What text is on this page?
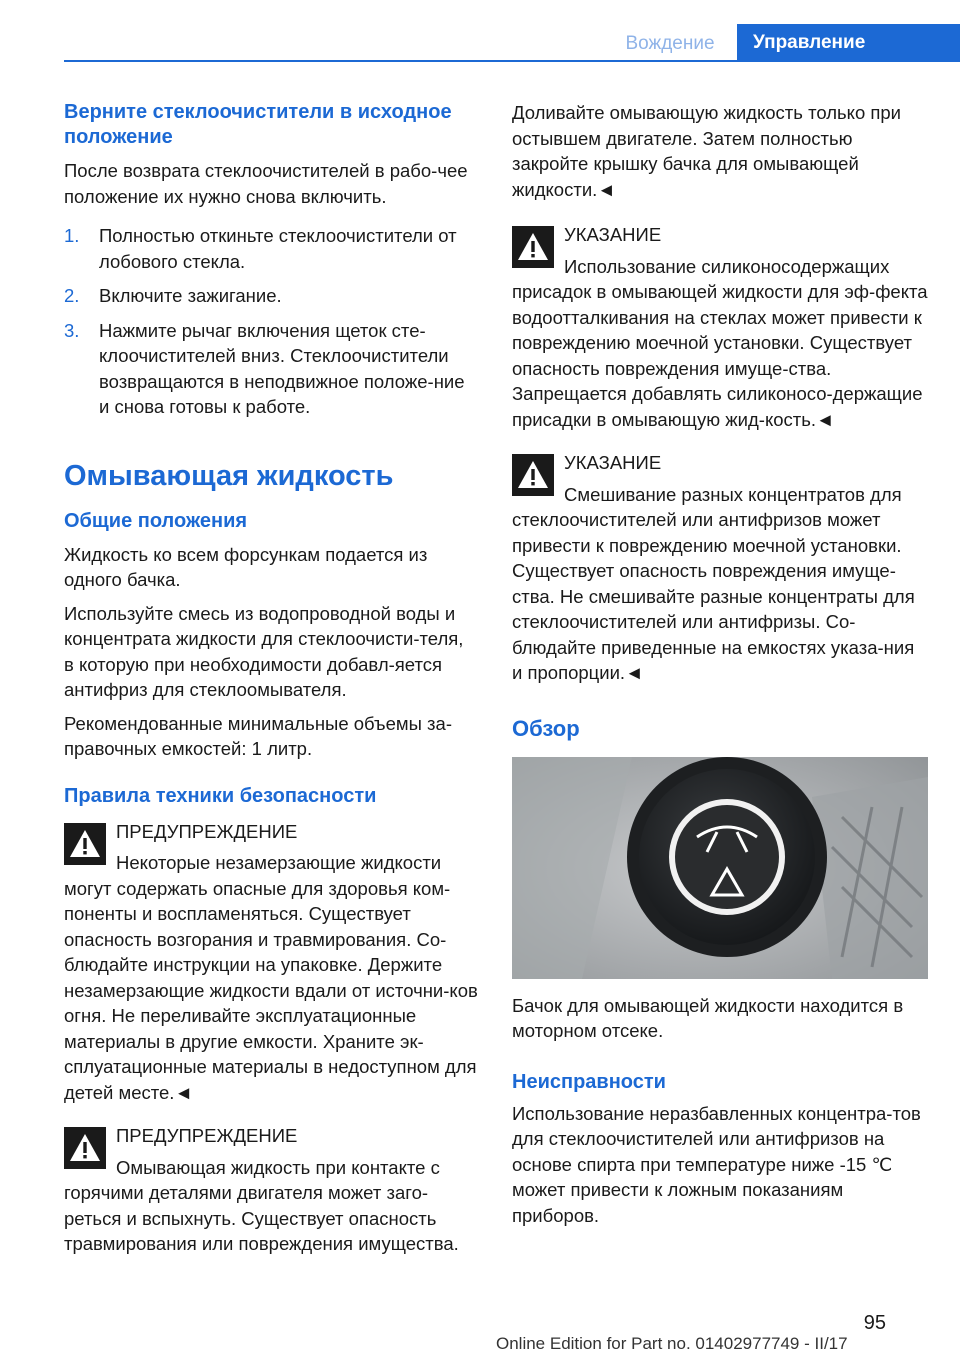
Вождение	Управление
Верните стеклоочистители в исходное положение
После возврата стеклоочистителей в рабо-чее положение их нужно снова включить.
1. Полностью откиньте стеклоочистители от лобового стекла.
2. Включите зажигание.
3. Нажмите рычаг включения щеток сте-клоочистителей вниз. Стеклоочистители возвращаются в неподвижное положе-ние и снова готовы к работе.
Омывающая жидкость
Общие положения
Жидкость ко всем форсункам подается из одного бачка.
Используйте смесь из водопроводной воды и концентрата жидкости для стеклоочисти-теля, в которую при необходимости добавл-яется антифриз для стеклоомывателя.
Рекомендованные минимальные объемы за-правочных емкостей: 1 литр.
Правила техники безопасности
ПРЕДУПРЕЖДЕНИЕ
Некоторые незамерзающие жидкости
могут содержать опасные для здоровья ком-поненты и воспламеняться. Существует опасность возгорания и травмирования. Со-блюдайте инструкции на упаковке. Держите незамерзающие жидкости вдали от источни-ков огня. Не переливайте эксплуатационные материалы в другие емкости. Храните эк-сплуатационные материалы в недоступном для детей месте.◄
ПРЕДУПРЕЖДЕНИЕ
Омывающая жидкость при контакте с
горячими деталями двигателя может заго-реться и вспыхнуть. Существует опасность травмирования или повреждения имущества.
Доливайте омывающую жидкость только при остывшем двигателе. Затем полностью закройте крышку бачка для омывающей жидкости.◄
УКАЗАНИЕ
Использование силиконосодержащих
присадок в омывающей жидкости для эф-фекта водоотталкивания на стеклах может привести к повреждению моечной установки. Существует опасность повреждения имуще-ства. Запрещается добавлять силиконосо-держащие присадки в омывающую жид-кость.◄
УКАЗАНИЕ
Смешивание разных концентратов для
стеклоочистителей или антифризов может привести к повреждению моечной установки. Существует опасность повреждения имуще-ства. Не смешивайте разные концентраты для стеклоочистителей или антифризы. Со-блюдайте приведенные на емкостях указа-ния и пропорции.◄
Обзор
Бачок для омывающей жидкости находится в моторном отсеке.
Неисправности
Использование неразбавленных концентра-тов для стеклоочистителей или антифризов на основе спирта при температуре ниже -15 ℃ может привести к ложным показаниям приборов.
95
Online Edition for Part no. 01402977749 - II/17
